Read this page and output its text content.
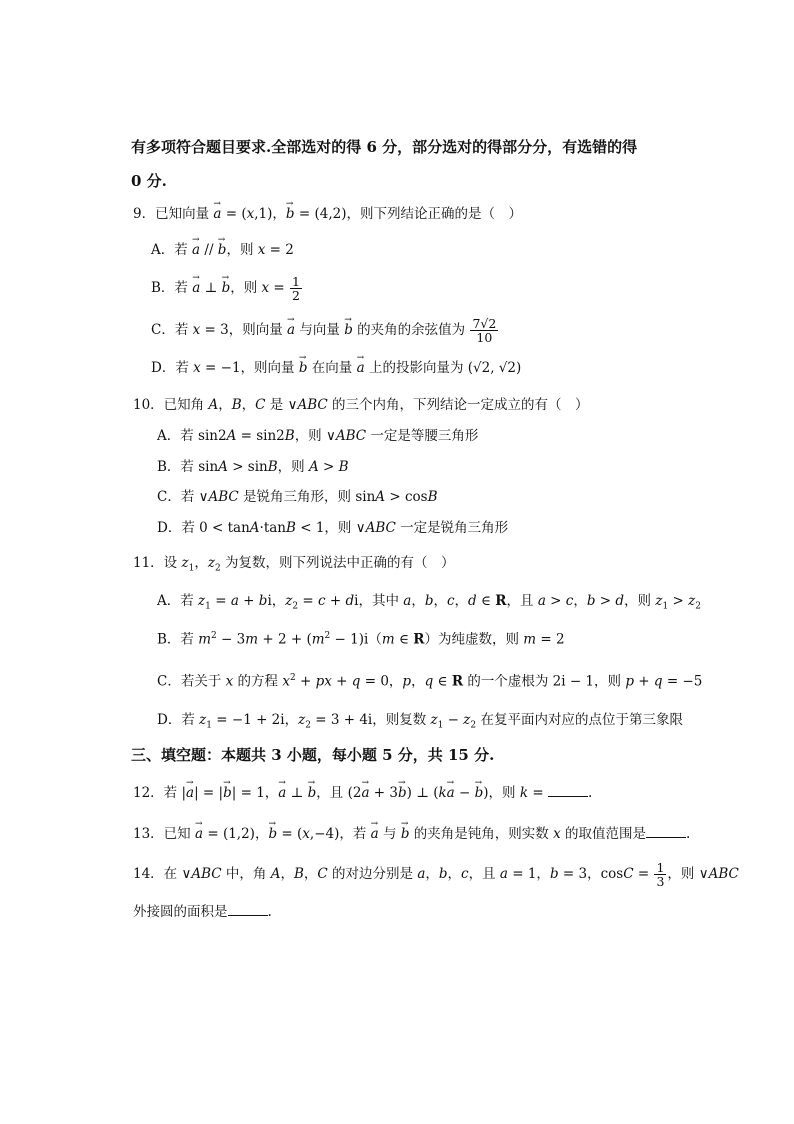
有多项符合题目要求.全部选对的得 6 分，部分选对的得部分分，有选错的得
0 分.
9．已知向量 → a = (x,1)，→ b = (4,2)，则下列结论正确的是（　）
A．若 → a // → b，则 x = 2
B．若 → a ⊥ → b，则 $x = \frac{1}{2}$
C．若 x = 3，则向量 → a 与向量 → b 的夹角的余弦值为 $\frac{7√2}{10}$
D．若 x = −1，则向量 → b 在向量 → a 上的投影向量为 (√2, √2)
10．已知角 A，B，C 是 ∨ABC 的三个内角，下列结论一定成立的有（　）
A．若 sin2A = sin2B，则 ∨ABC 一定是等腰三角形
B．若 sinA > sinB，则 A > B
C．若 ∨ABC 是锐角三角形，则 sinA > cosB
D．若 0 < tanA·tanB < 1，则 ∨ABC 一定是锐角三角形
11．设 $z_1$，$z_2$ 为复数，则下列说法中正确的有（　）
A．若 $z_1 = a$ + bi，$z_2 = c$ + di，其中 a，b，c，d ∈ R，且 a > c，b > d，则 $z_1 > z_2$
B．若 $m^2 - 3m + 2 + (m^2 - 1)i(m$ ∈ R）为纯虚数，则 m = 2
C．若关于 x 的方程 $x^2$ + px + q = 0，p，q ∈ R 的一个虚根为 2i − 1，则 p + q = −5
D．若 $z_1 = -1 + 2i$，$z_2 = 3 + 4i$，则复数 $z_1 - z_2$ 在复平面内对应的点位于第三象限
三、填空题：本题共 3 小题，每小题 5 分，共 15 分.
12．若 |→ a| = |→ b| = 1，→ a ⊥ → b，且 (2→ a + 3→ b) ⊥ (k→ a − → b)，则 k =	.
13．已知 → a = (1,2)，→ b = (x,−4)，若 → a 与 → b 的夹角是钝角，则实数 x 的取值范围是	.
14．在 ∨ABC 中，角 A，B，C 的对边分别是 a，b，c，且 a = 1，b = 3，$\cos C = \frac{1}{3}$ ，则 ∨ABC
外接圆的面积是	.
